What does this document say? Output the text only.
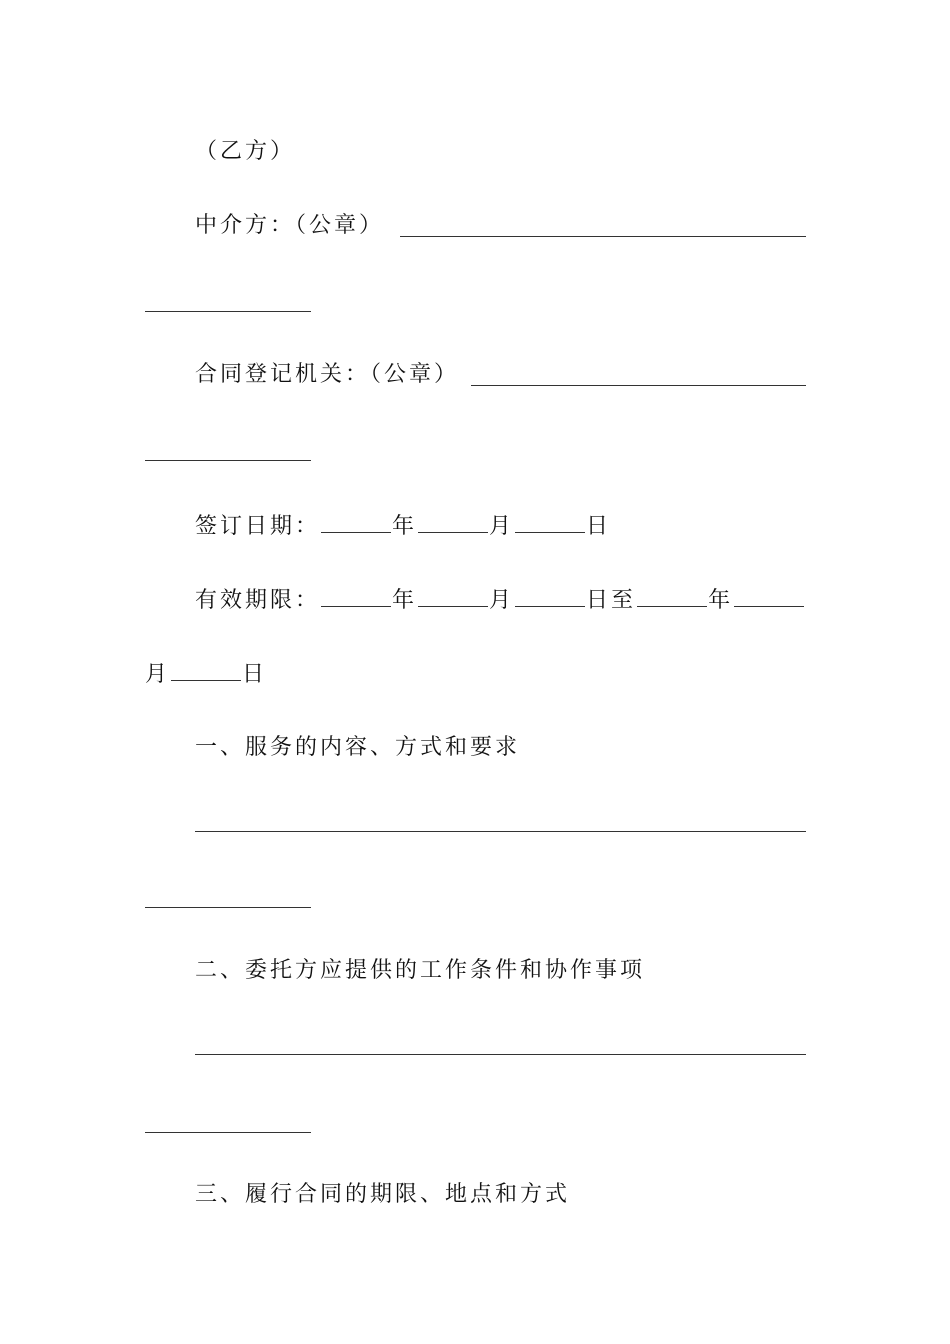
（乙方）
中介方：（公章）
合同登记机关：（公章）
签订日期：	年	月	日
有效期限：	年	月	日至	年
月	日
一、服务的内容、方式和要求
二、委托方应提供的工作条件和协作事项
三、履行合同的期限、地点和方式
